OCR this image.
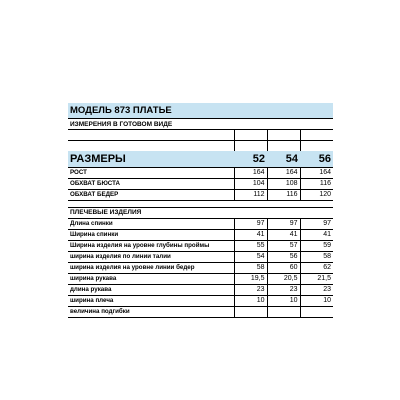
МОДЕЛЬ 873 ПЛАТЬЕ			
ИЗМЕРЕНИЯ В ГОТОВОМ ВИДЕ			

РАЗМЕРЫ	52	54	56
РОСТ	164	164	164
ОБХВАТ БЮСТА	104	108	116
ОБХВАТ БЕДЕР	112	116	120

ПЛЕЧЕВЫЕ ИЗДЕЛИЯ			
Длина спинки	97	97	97
Ширина спинки	41	41	41
Ширина изделия на уровне глубины проймы	55	57	59
ширина изделия по линии талии	54	56	58
ширина изделия на уровне линии бедер	58	60	62
ширина рукава	19,5	20,5	21,5
длина рукава	23	23	23
ширина плеча	10	10	10
величина подгибки			
